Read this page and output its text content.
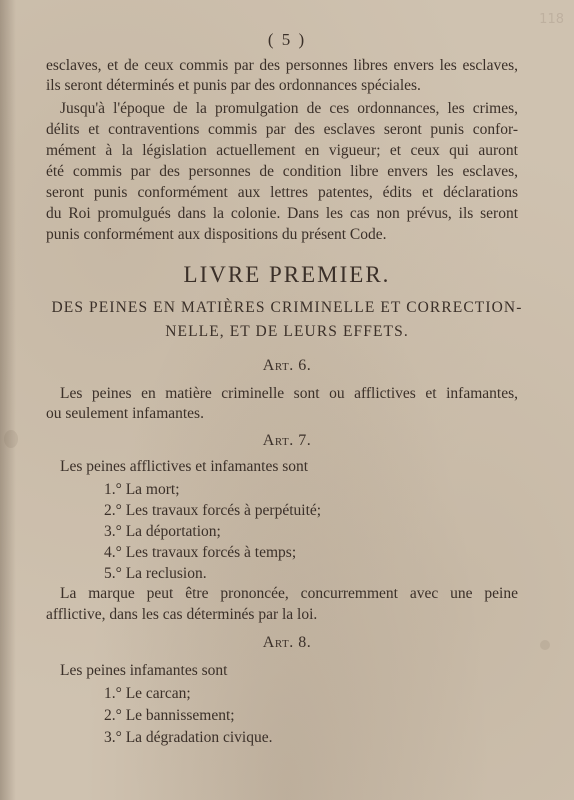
118
( 5 )
esclaves, et de ceux commis par des personnes libres envers les esclaves,
ils seront déterminés et punis par des ordonnances spéciales.
Jusqu'à l'époque de la promulgation de ces ordonnances, les crimes,
délits et contraventions commis par des esclaves seront punis confor-
mément à la législation actuellement en vigueur; et ceux qui auront
été commis par des personnes de condition libre envers les esclaves,
seront punis conformément aux lettres patentes, édits et déclarations
du Roi promulgués dans la colonie. Dans les cas non prévus, ils seront
punis conformément aux dispositions du présent Code.
LIVRE PREMIER.
DES PEINES EN MATIÈRES CRIMINELLE ET CORRECTION-
NELLE, ET DE LEURS EFFETS.
Art. 6.
Les peines en matière criminelle sont ou afflictives et infamantes,
ou seulement infamantes.
Art. 7.
Les peines afflictives et infamantes sont
1.° La mort;
2.° Les travaux forcés à perpétuité;
3.° La déportation;
4.° Les travaux forcés à temps;
5.° La reclusion.
La marque peut être prononcée, concurremment avec une peine
afflictive, dans les cas déterminés par la loi.
Art. 8.
Les peines infamantes sont
1.° Le carcan;
2.° Le bannissement;
3.° La dégradation civique.
